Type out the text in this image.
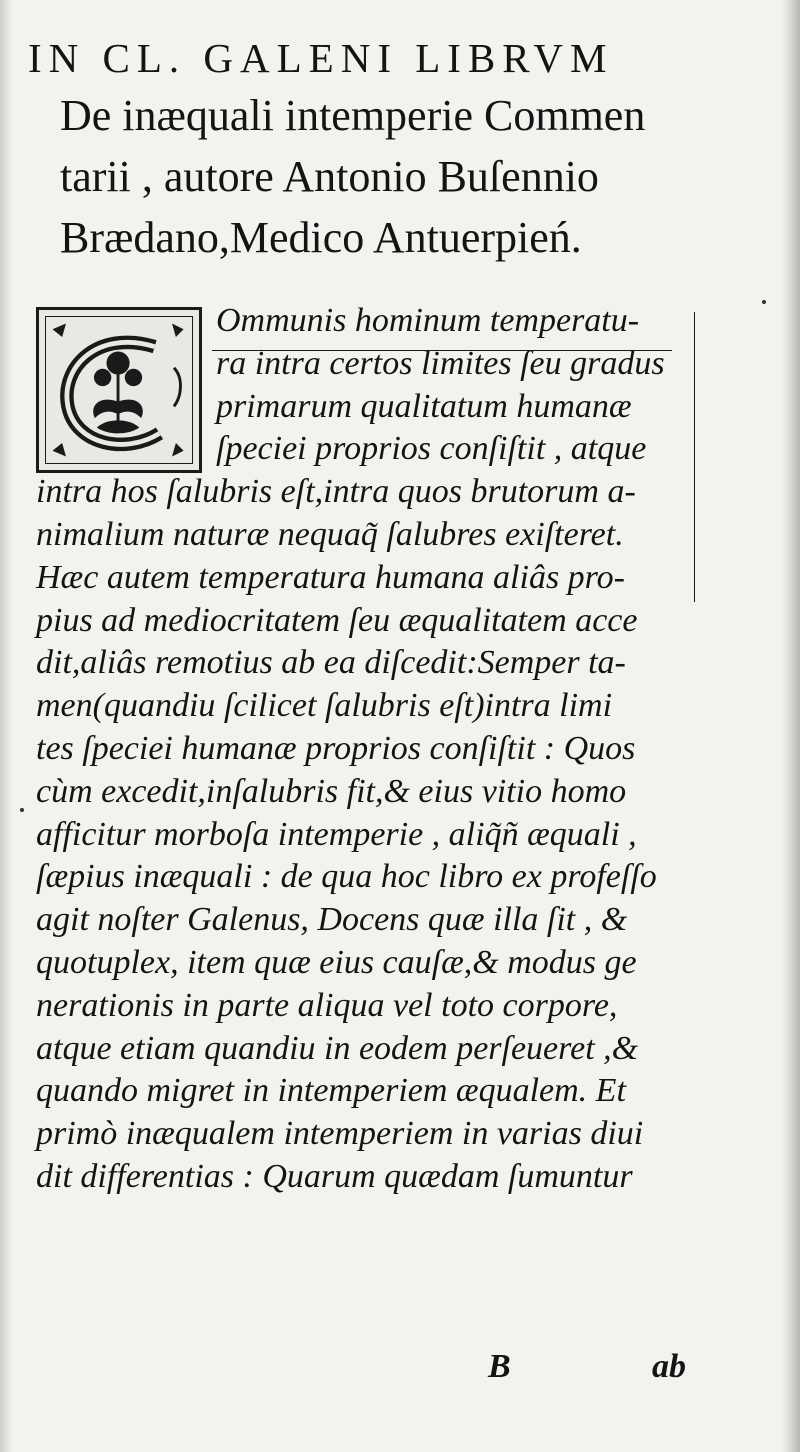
IN CL. GALENI LIBRVM
De inæquali intemperie Commen
tarii , autore Antonio Buſennio
Brædano,Medico Antuerpień.
Ommunis hominum temperatu-
ra intra certos limites ſeu gradus
primarum qualitatum humanæ
ſpeciei proprios conſiſtit , atque
intra hos ſalubris eſt,intra quos brutorum a-
nimalium naturæ nequaq̃ ſalubres exiſteret.
Hæc autem temperatura humana aliâs pro-
pius ad mediocritatem ſeu æqualitatem acce
dit,aliâs remotius ab ea diſcedit:Semper ta-
men(quandiu ſcilicet ſalubris eſt)intra limi
tes ſpeciei humanæ proprios conſiſtit : Quos
cùm excedit,inſalubris fit,& eius vitio homo
afficitur morboſa intemperie , aliq̃ñ æquali ,
ſæpius inæquali : de qua hoc libro ex profeſſo
agit noſter Galenus, Docens quæ illa ſit , &
quotuplex, item quæ eius cauſæ,& modus ge
nerationis in parte aliqua vel toto corpore,
atque etiam quandiu in eodem perſeueret ,&
quando migret in intemperiem æqualem. Et
primò inæqualem intemperiem in varias diui
dit differentias : Quarum quædam ſumuntur
B	ab
